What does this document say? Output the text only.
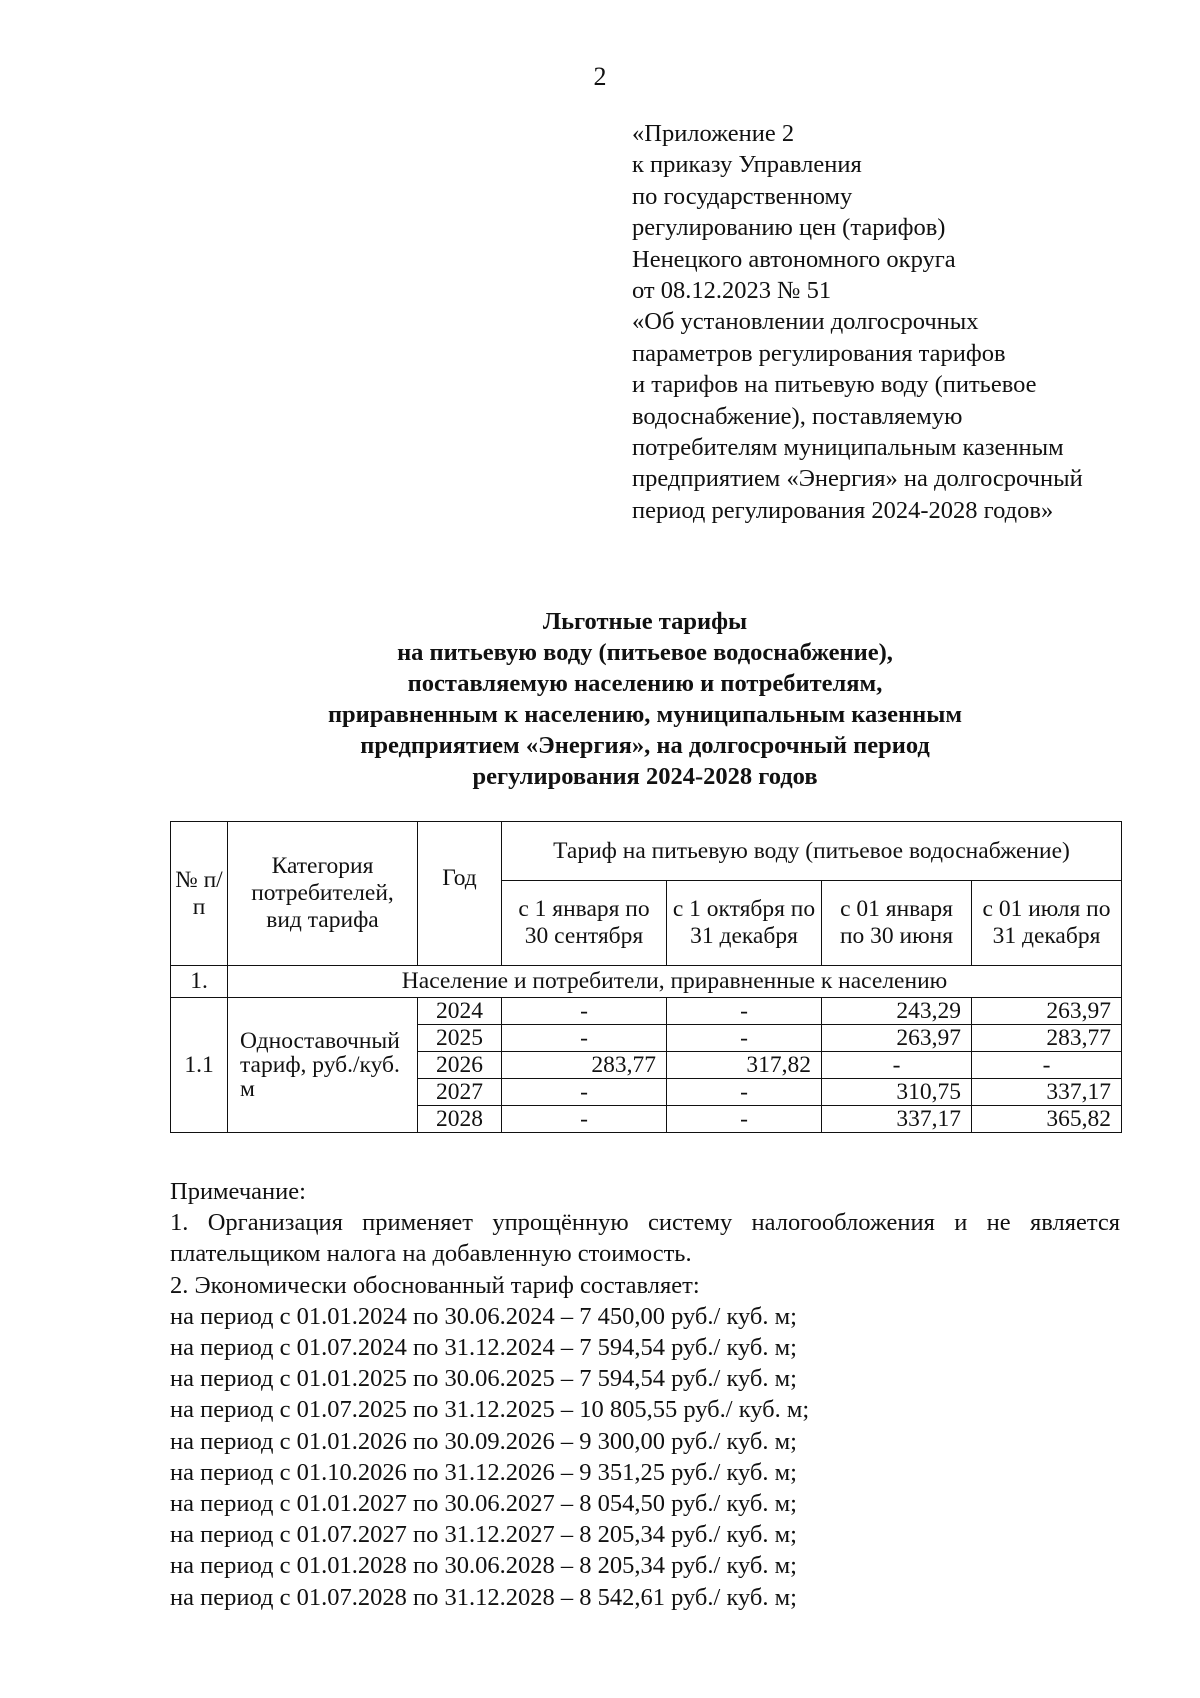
2
«Приложение 2
к приказу Управления
по государственному
регулированию цен (тарифов)
Ненецкого автономного округа
от 08.12.2023 № 51
«Об установлении долгосрочных
параметров регулирования тарифов
и тарифов на питьевую воду (питьевое
водоснабжение), поставляемую
потребителям муниципальным казенным
предприятием «Энергия» на долгосрочный
период регулирования 2024-2028 годов»
Льготные тарифы
на питьевую воду (питьевое водоснабжение),
поставляемую населению и потребителям,
приравненным к населению, муниципальным казенным
предприятием «Энергия», на долгосрочный период
регулирования 2024-2028 годов
№ п/п	Категория потребителей, вид тарифа	Год	Тариф на питьевую воду (питьевое водоснабжение)			
			с 1 января по 30 сентября	с 1 октября по 31 декабря	с 01 января по 30 июня	с 01 июля по 31 декабря
1.	Население и потребители, приравненные к населению					
1.1	Одноставочный тариф, руб./куб. м	2024	-	-	243,29	263,97
		2025	-	-	263,97	283,77
		2026	283,77	317,82	-	-
		2027	-	-	310,75	337,17
		2028	-	-	337,17	365,82
Примечание:
1. Организация применяет упрощённую систему налогообложения и не является
плательщиком налога на добавленную стоимость.
2. Экономически обоснованный тариф составляет:
на период с 01.01.2024 по 30.06.2024 – 7 450,00 руб./ куб. м;
на период с 01.07.2024 по 31.12.2024 – 7 594,54 руб./ куб. м;
на период с 01.01.2025 по 30.06.2025 – 7 594,54 руб./ куб. м;
на период с 01.07.2025 по 31.12.2025 – 10 805,55 руб./ куб. м;
на период с 01.01.2026 по 30.09.2026 – 9 300,00 руб./ куб. м;
на период с 01.10.2026 по 31.12.2026 – 9 351,25 руб./ куб. м;
на период с 01.01.2027 по 30.06.2027 – 8 054,50 руб./ куб. м;
на период с 01.07.2027 по 31.12.2027 – 8 205,34 руб./ куб. м;
на период с 01.01.2028 по 30.06.2028 – 8 205,34 руб./ куб. м;
на период с 01.07.2028 по 31.12.2028 – 8 542,61 руб./ куб. м;
